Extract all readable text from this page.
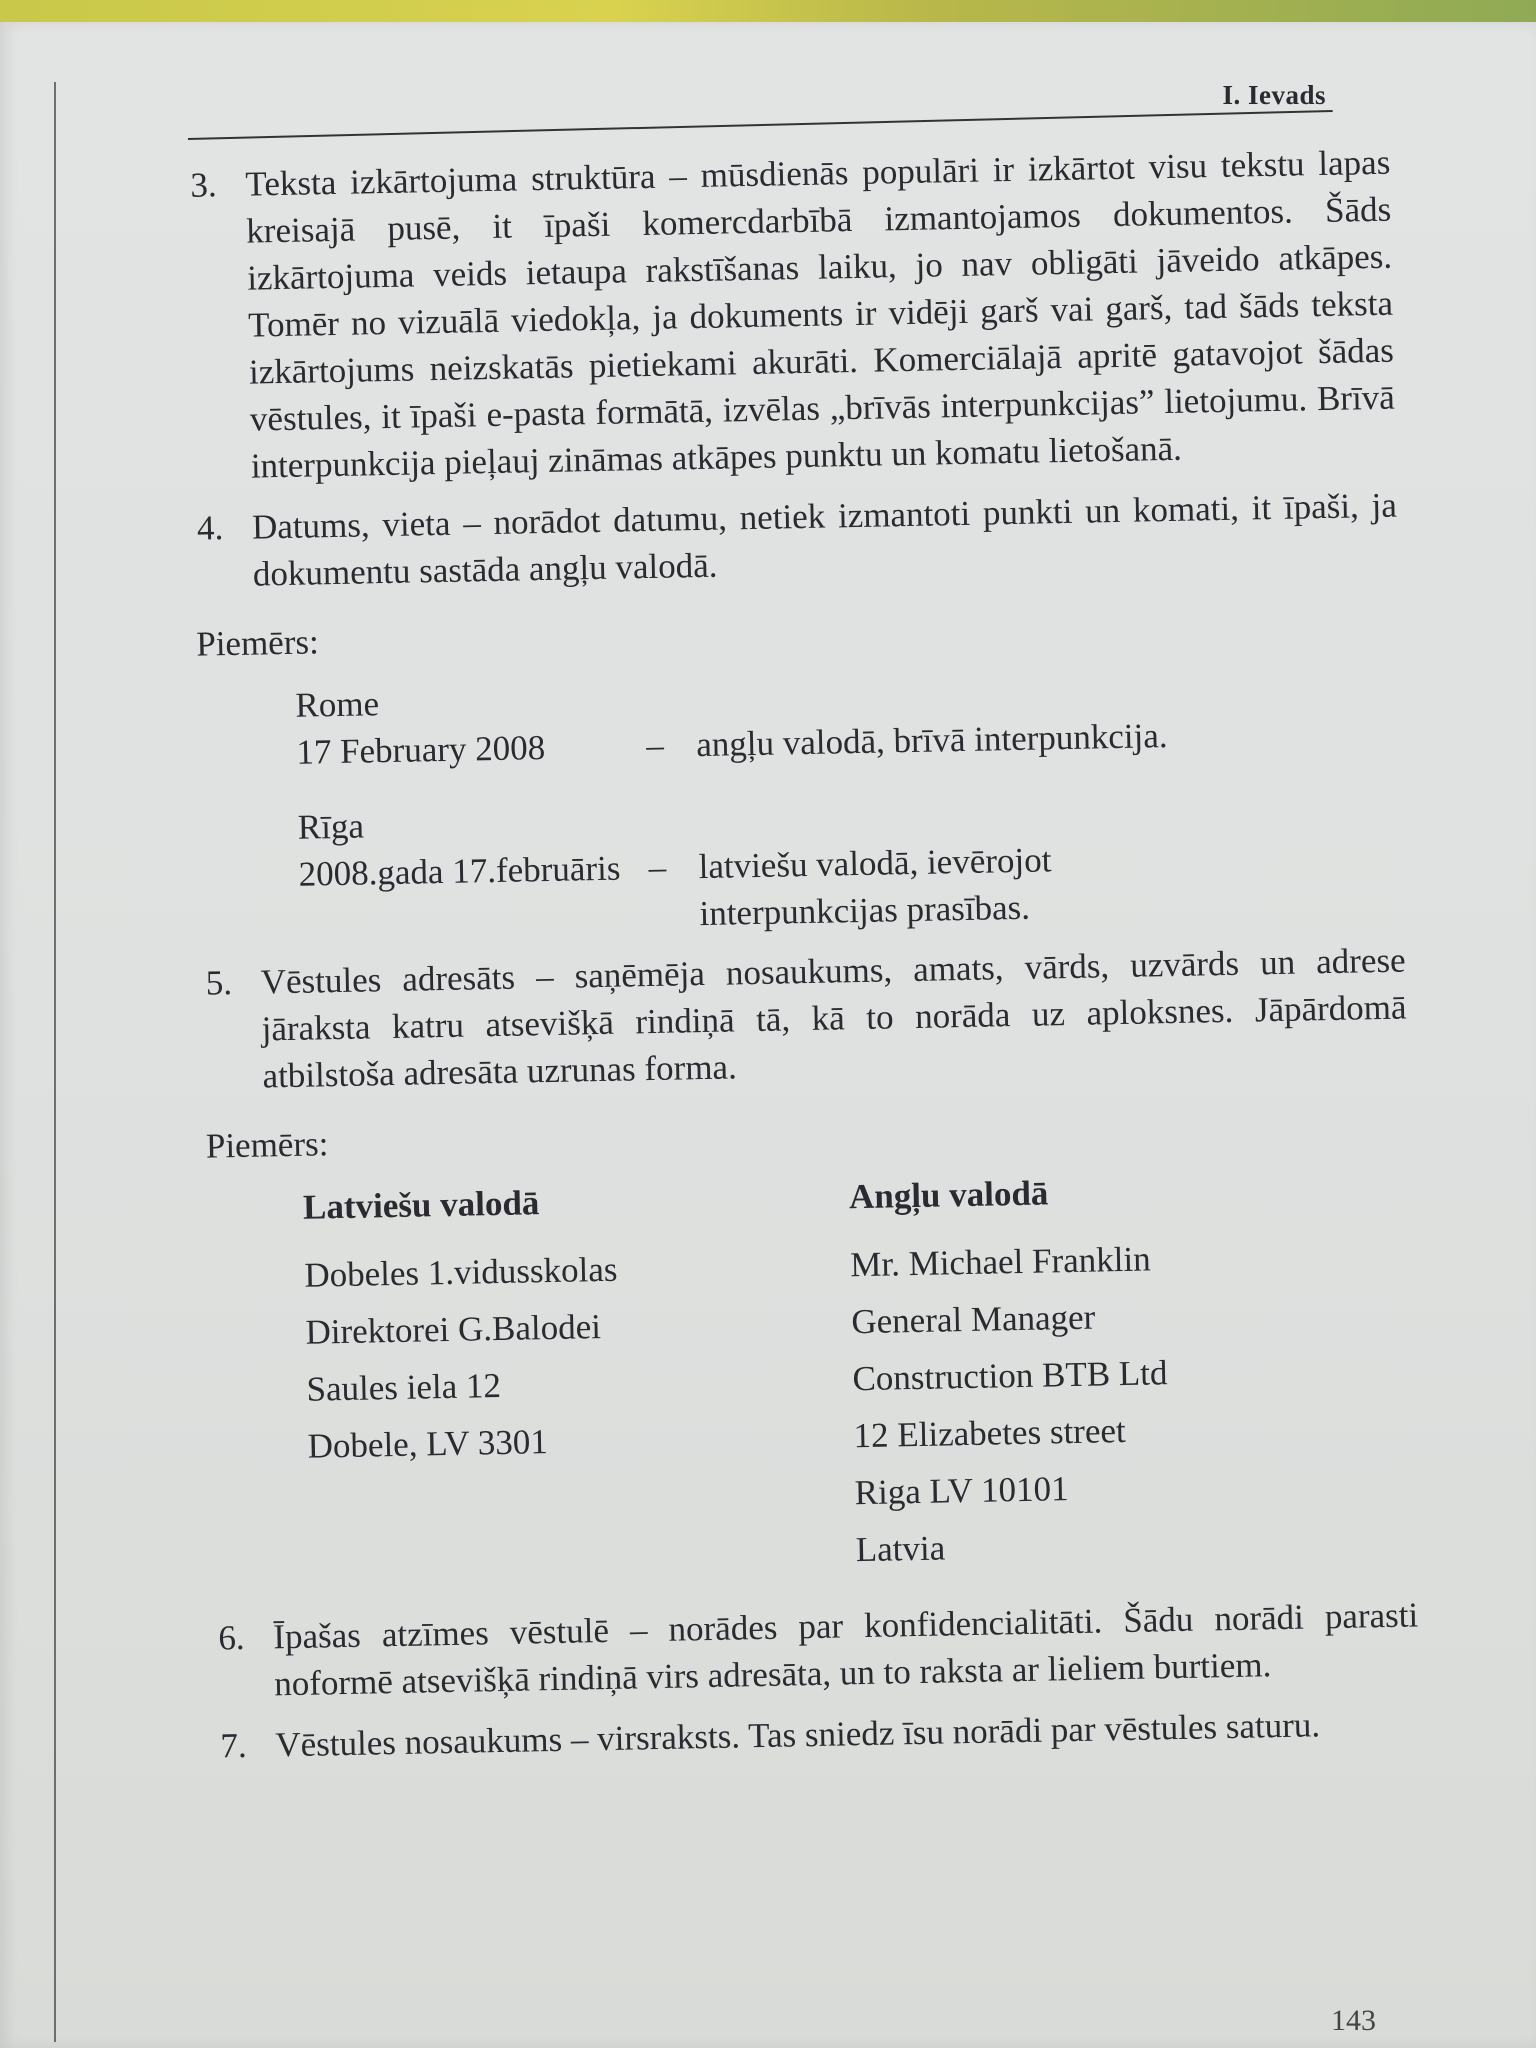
I. Ievads
3. Teksta izkārtojuma struktūra – mūsdienās populāri ir izkārtot visu tekstu lapas kreisajā pusē, it īpaši komercdarbībā izmantojamos dokumentos. Šāds izkārtojuma veids ietaupa rakstīšanas laiku, jo nav obligāti jāveido atkāpes. Tomēr no vizuālā viedokļa, ja dokuments ir vidēji garš vai garš, tad šāds teksta izkārtojums neizskatās pietiekami akurāti. Komerciālajā apritē gatavojot šādas vēstules, it īpaši e-pasta formātā, izvēlas „brīvās interpunkcijas” lietojumu. Brīvā interpunkcija pieļauj zināmas atkāpes punktu un komatu lietošanā.
4. Datums, vieta – norādot datumu, netiek izmantoti punkti un komati, it īpaši, ja dokumentu sastāda angļu valodā.
Piemērs:
Rome
17 February 2008	– angļu valodā, brīvā interpunkcija.
Rīga
2008.gada 17.februāris – latviešu valodā, ievērojot interpunkcijas prasības.
5. Vēstules adresāts – saņēmēja nosaukums, amats, vārds, uzvārds un adrese jāraksta katru atsevišķā rindiņā tā, kā to norāda uz aploksnes. Jāpārdomā atbilstoša adresāta uzrunas forma.
Piemērs:
Latviešu valodā
Dobeles 1.vidusskolas
Direktorei G.Balodei
Saules iela 12
Dobele, LV 3301
Angļu valodā
Mr. Michael Franklin
General Manager
Construction BTB Ltd
12 Elizabetes street
Riga LV 10101
Latvia
6. Īpašas atzīmes vēstulē – norādes par konfidencialitāti. Šādu norādi parasti noformē atsevišķā rindiņā virs adresāta, un to raksta ar lieliem burtiem.
7. Vēstules nosaukums – virsraksts. Tas sniedz īsu norādi par vēstules saturu.
143
